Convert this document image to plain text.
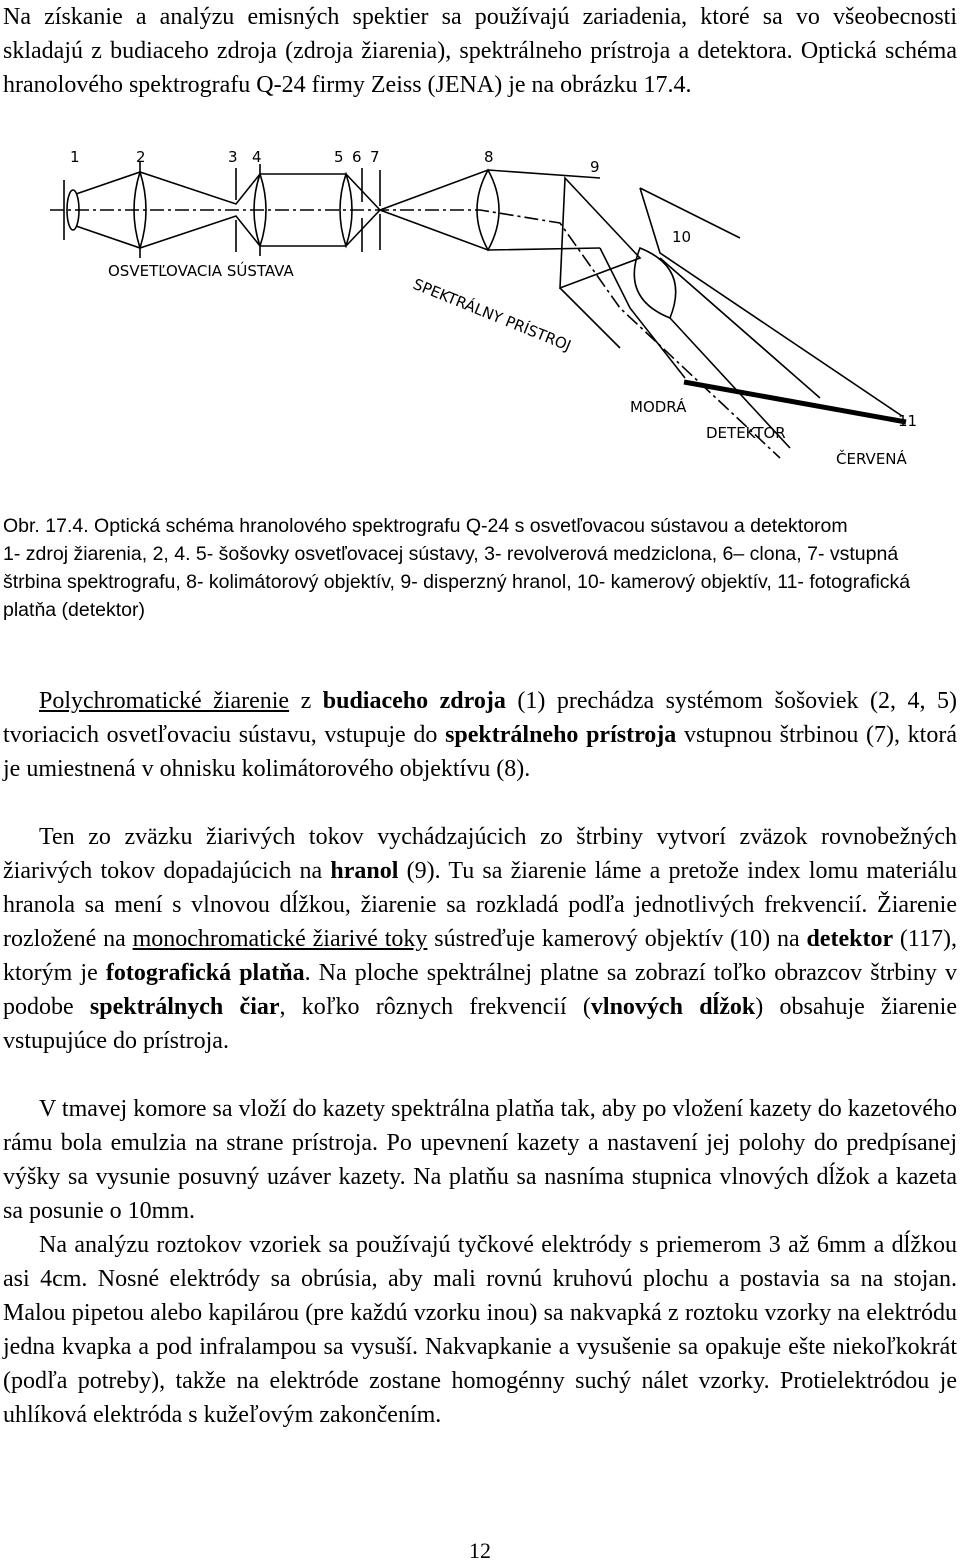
Na získanie a analýzu emisných spektier sa používajú zariadenia, ktoré sa vo všeobecnosti skladajú z budiaceho zdroja (zdroja žiarenia), spektrálneho prístroja a detektora. Optická schéma hranolového spektrografu Q-24 firmy Zeiss (JENA) je na obrázku 17.4.

1	2	3 4	5 6 7	8
9
10
11
OSVETĽOVACIA SÚSTAVA
SPEKTRÁLNY PRÍSTROJ
MODRÁ
DETEKTOR
ČERVENÁ
Obr. 17.4. Optická schéma hranolového spektrografu Q-24 s osvetľovacou sústavou a detektorom
1- zdroj žiarenia, 2, 4. 5- šošovky osvetľovacej sústavy, 3- revolverová medziclona, 6– clona, 7- vstupná štrbina spektrografu, 8- kolimátorový objektív, 9- disperzný hranol, 10- kamerový objektív, 11- fotografická platňa (detektor)

Polychromatické žiarenie z budiaceho zdroja (1) prechádza systémom šošoviek (2, 4, 5) tvoriacich osvetľovaciu sústavu, vstupuje do spektrálneho prístroja vstupnou štrbinou (7), ktorá je umiestnená v ohnisku kolimátorového objektívu (8).

Ten zo zväzku žiarivých tokov vychádzajúcich zo štrbiny vytvorí zväzok rovnobežných žiarivých tokov dopadajúcich na hranol (9). Tu sa žiarenie láme a pretože index lomu materiálu hranola sa mení s vlnovou dĺžkou, žiarenie sa rozkladá podľa jednotlivých frekvencií. Žiarenie rozložené na monochromatické žiarivé toky sústreďuje kamerový objektív (10) na detektor (117), ktorým je fotografická platňa. Na ploche spektrálnej platne sa zobrazí toľko obrazcov štrbiny v podobe spektrálnych čiar, koľko rôznych frekvencií (vlnových dĺžok) obsahuje žiarenie vstupujúce do prístroja.

V tmavej komore sa vloží do kazety spektrálna platňa tak, aby po vložení kazety do kazetového rámu bola emulzia na strane prístroja. Po upevnení kazety a nastavení jej polohy do predpísanej výšky sa vysunie posuvný uzáver kazety. Na platňu sa nasníma stupnica vlnových dĺžok a kazeta sa posunie o 10mm.

Na analýzu roztokov vzoriek sa používajú tyčkové elektródy s priemerom 3 až 6mm a dĺžkou asi 4cm. Nosné elektródy sa obrúsia, aby mali rovnú kruhovú plochu a postavia sa na stojan. Malou pipetou alebo kapilárou (pre každú vzorku inou) sa nakvapká z roztoku vzorky na elektródu jedna kvapka a pod infralampou sa vysuší. Nakvapkanie a vysušenie sa opakuje ešte niekoľkokrát (podľa potreby), takže na elektróde zostane homogénny suchý nálet vzorky. Protielektródou je uhlíková elektróda s kužeľovým zakončením.

12
